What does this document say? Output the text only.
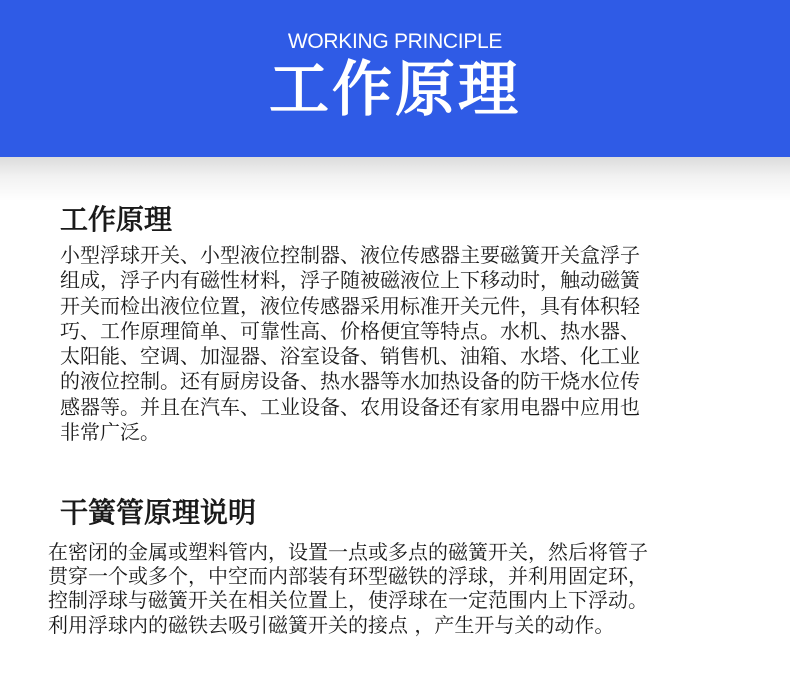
WORKING PRINCIPLE
工作原理
工作原理
小型浮球开关、小型液位控制器、液位传感器主要磁簧开关盒浮子
组成，浮子内有磁性材料，浮子随被磁液位上下移动时，触动磁簧
开关而检出液位位置，液位传感器采用标准开关元件，具有体积轻
巧、工作原理简单、可靠性高、价格便宜等特点。水机、热水器、
太阳能、空调、加湿器、浴室设备、销售机、油箱、水塔、化工业
的液位控制。还有厨房设备、热水器等水加热设备的防干烧水位传
感器等。并且在汽车、工业设备、农用设备还有家用电器中应用也
非常广泛。
干簧管原理说明
在密闭的金属或塑料管内，设置一点或多点的磁簧开关，然后将管子
贯穿一个或多个，中空而内部装有环型磁铁的浮球，并利用固定环，
控制浮球与磁簧开关在相关位置上，使浮球在一定范围内上下浮动。
利用浮球内的磁铁去吸引磁簧开关的接点 ，产生开与关的动作。
